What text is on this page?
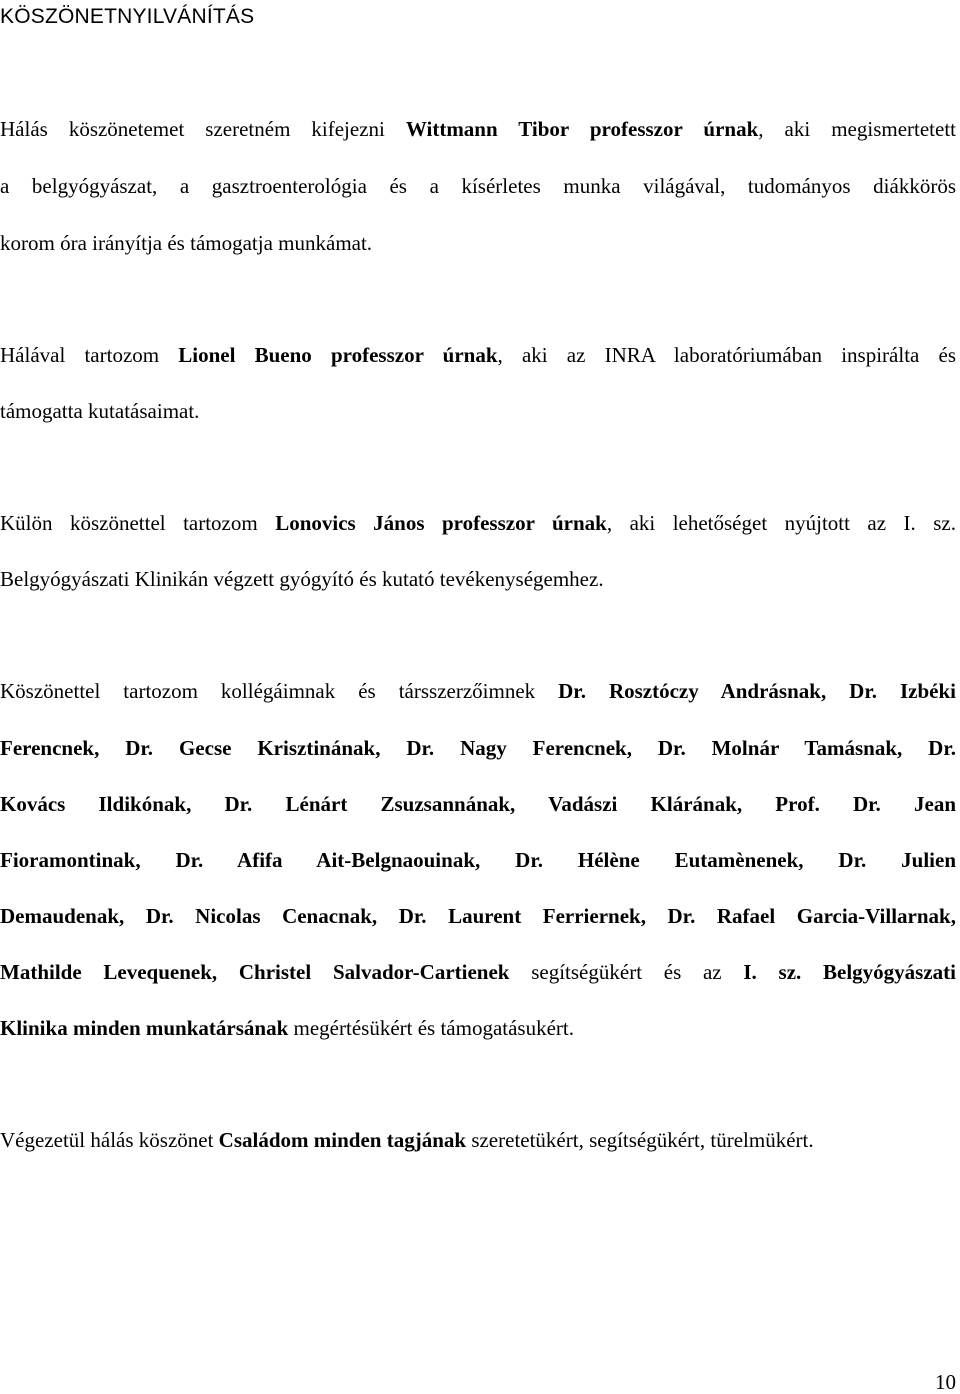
KÖSZÖNETNYILVÁNÍTÁS

Hálás köszönetemet szeretném kifejezni Wittmann Tibor professzor úrnak, aki megismertetett

a belgyógyászat, a gasztroenterológia és a kísérletes munka világával, tudományos diákkörös

korom óra irányítja és támogatja munkámat.

Hálával tartozom Lionel Bueno professzor úrnak, aki az INRA laboratóriumában inspirálta és

támogatta kutatásaimat.

Külön köszönettel tartozom Lonovics János professzor úrnak, aki lehetőséget nyújtott az I. sz.

Belgyógyászati Klinikán végzett gyógyító és kutató tevékenységemhez.

Köszönettel tartozom kollégáimnak és társszerzőimnek Dr. Rosztóczy Andrásnak, Dr. Izbéki

Ferencnek, Dr. Gecse Krisztinának, Dr. Nagy Ferencnek, Dr. Molnár Tamásnak, Dr.

Kovács Ildikónak, Dr. Lénárt Zsuzsannának, Vadászi Klárának, Prof. Dr. Jean

Fioramontinak, Dr. Afifa Ait-Belgnaouinak, Dr. Hélène Eutamènenek, Dr. Julien

Demaudenak, Dr. Nicolas Cenacnak, Dr. Laurent Ferriernek, Dr. Rafael Garcia-Villarnak,

Mathilde Levequenek, Christel Salvador-Cartienek segítségükért és az I. sz. Belgyógyászati

Klinika minden munkatársának megértésükért és támogatásukért.

Végezetül hálás köszönet Családom minden tagjának szeretetükért, segítségükért, türelmükért.

10
